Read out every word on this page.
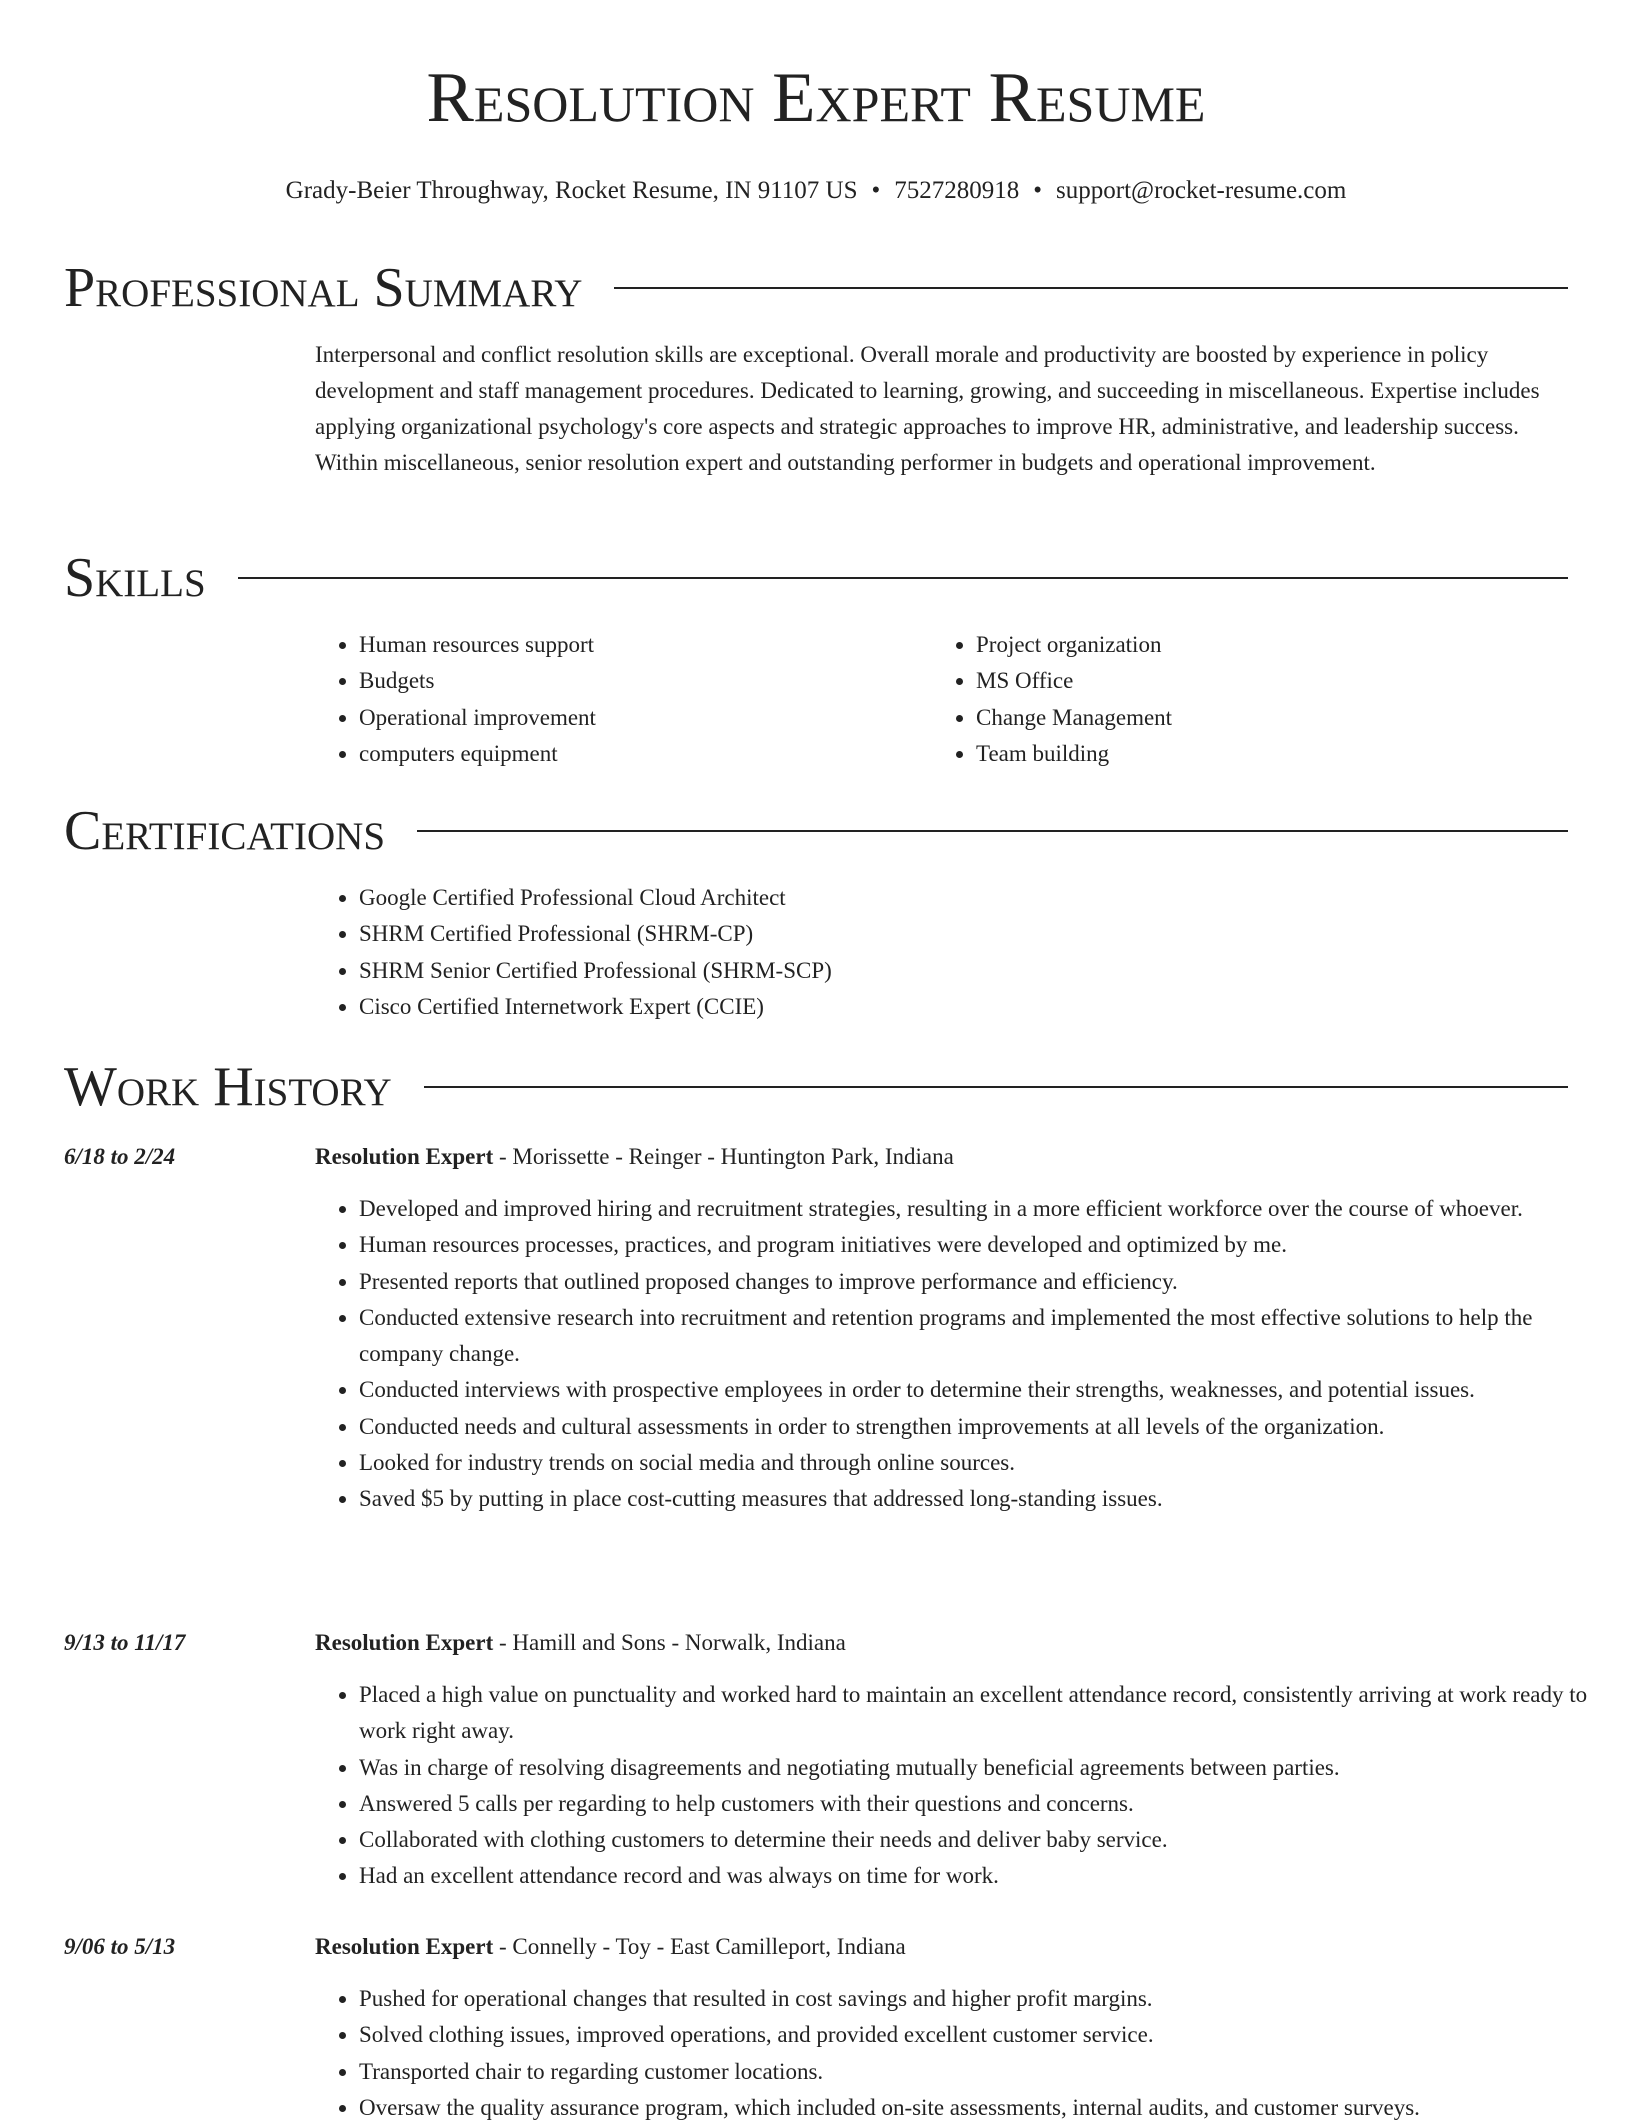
Resolution Expert Resume
Grady-Beier Throughway, Rocket Resume, IN 91107 US • 7527280918 • support@rocket-resume.com
Professional Summary

Interpersonal and conflict resolution skills are exceptional. Overall morale and productivity are boosted by experience in policy development and staff management procedures. Dedicated to learning, growing, and succeeding in miscellaneous. Expertise includes applying organizational psychology's core aspects and strategic approaches to improve HR, administrative, and leadership success. Within miscellaneous, senior resolution expert and outstanding performer in budgets and operational improvement.

Skills
• Human resources support
• Budgets
• Operational improvement
• computers equipment
• Project organization
• MS Office
• Change Management
• Team building
Certifications
• Google Certified Professional Cloud Architect
• SHRM Certified Professional (SHRM-CP)
• SHRM Senior Certified Professional (SHRM-SCP)
• Cisco Certified Internetwork Expert (CCIE)
Work History
6/18 to 2/24	Resolution Expert - Morissette - Reinger - Huntington Park, Indiana
• Developed and improved hiring and recruitment strategies, resulting in a more efficient workforce over the course of whoever.
• Human resources processes, practices, and program initiatives were developed and optimized by me.
• Presented reports that outlined proposed changes to improve performance and efficiency.
• Conducted extensive research into recruitment and retention programs and implemented the most effective solutions to help the company change.
• Conducted interviews with prospective employees in order to determine their strengths, weaknesses, and potential issues.
• Conducted needs and cultural assessments in order to strengthen improvements at all levels of the organization.
• Looked for industry trends on social media and through online sources.
• Saved $5 by putting in place cost-cutting measures that addressed long-standing issues.
9/13 to 11/17	Resolution Expert - Hamill and Sons - Norwalk, Indiana
• Placed a high value on punctuality and worked hard to maintain an excellent attendance record, consistently arriving at work ready to work right away.
• Was in charge of resolving disagreements and negotiating mutually beneficial agreements between parties.
• Answered 5 calls per regarding to help customers with their questions and concerns.
• Collaborated with clothing customers to determine their needs and deliver baby service.
• Had an excellent attendance record and was always on time for work.
9/06 to 5/13	Resolution Expert - Connelly - Toy - East Camilleport, Indiana
• Pushed for operational changes that resulted in cost savings and higher profit margins.
• Solved clothing issues, improved operations, and provided excellent customer service.
• Transported chair to regarding customer locations.
• Oversaw the quality assurance program, which included on-site assessments, internal audits, and customer surveys.
